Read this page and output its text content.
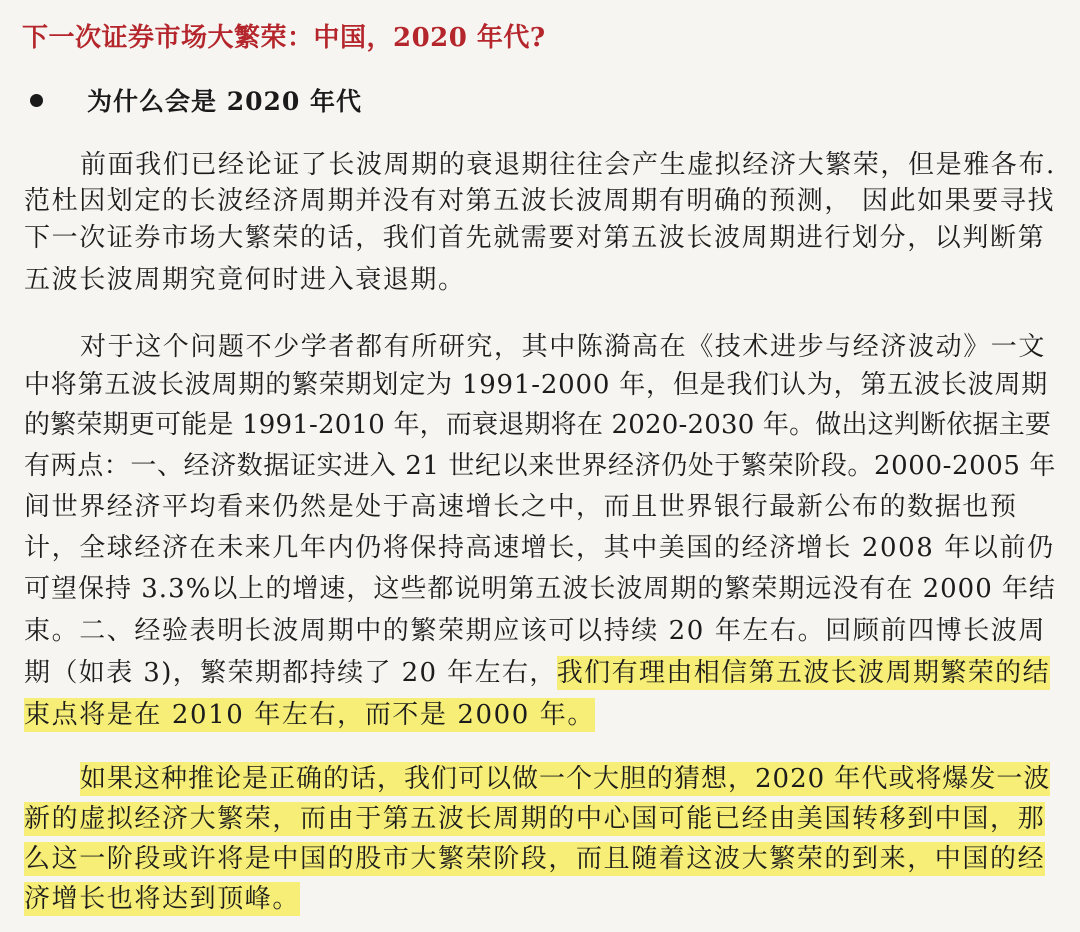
下一次证券市场大繁荣：中国，2020 年代?
为什么会是 2020 年代
前面我们已经论证了长波周期的衰退期往往会产生虚拟经济大繁荣，但是雅各布.
范杜因划定的长波经济周期并没有对第五波长波周期有明确的预测， 因此如果要寻找
下一次证券市场大繁荣的话，我们首先就需要对第五波长波周期进行划分，以判断第
五波长波周期究竟何时进入衰退期。
对于这个问题不少学者都有所研究，其中陈漪高在《技术进步与经济波动》一文
中将第五波长波周期的繁荣期划定为 1991-2000 年，但是我们认为，第五波长波周期
的繁荣期更可能是 1991-2010 年，而衰退期将在 2020-2030 年。做出这判断依据主要
有两点：一、经济数据证实进入 21 世纪以来世界经济仍处于繁荣阶段。2000-2005 年
间世界经济平均看来仍然是处于高速增长之中，而且世界银行最新公布的数据也预
计，全球经济在未来几年内仍将保持高速增长，其中美国的经济增长 2008 年以前仍
可望保持 3.3%以上的增速，这些都说明第五波长波周期的繁荣期远没有在 2000 年结
束。二、经验表明长波周期中的繁荣期应该可以持续 20 年左右。回顾前四博长波周
期（如表 3)，繁荣期都持续了 20 年左右，我们有理由相信第五波长波周期繁荣的结
束点将是在 2010 年左右，而不是 2000 年。
如果这种推论是正确的话，我们可以做一个大胆的猜想，2020 年代或将爆发一波
新的虚拟经济大繁荣，而由于第五波长周期的中心国可能已经由美国转移到中国，那
么这一阶段或许将是中国的股市大繁荣阶段，而且随着这波大繁荣的到来，中国的经
济增长也将达到顶峰。
